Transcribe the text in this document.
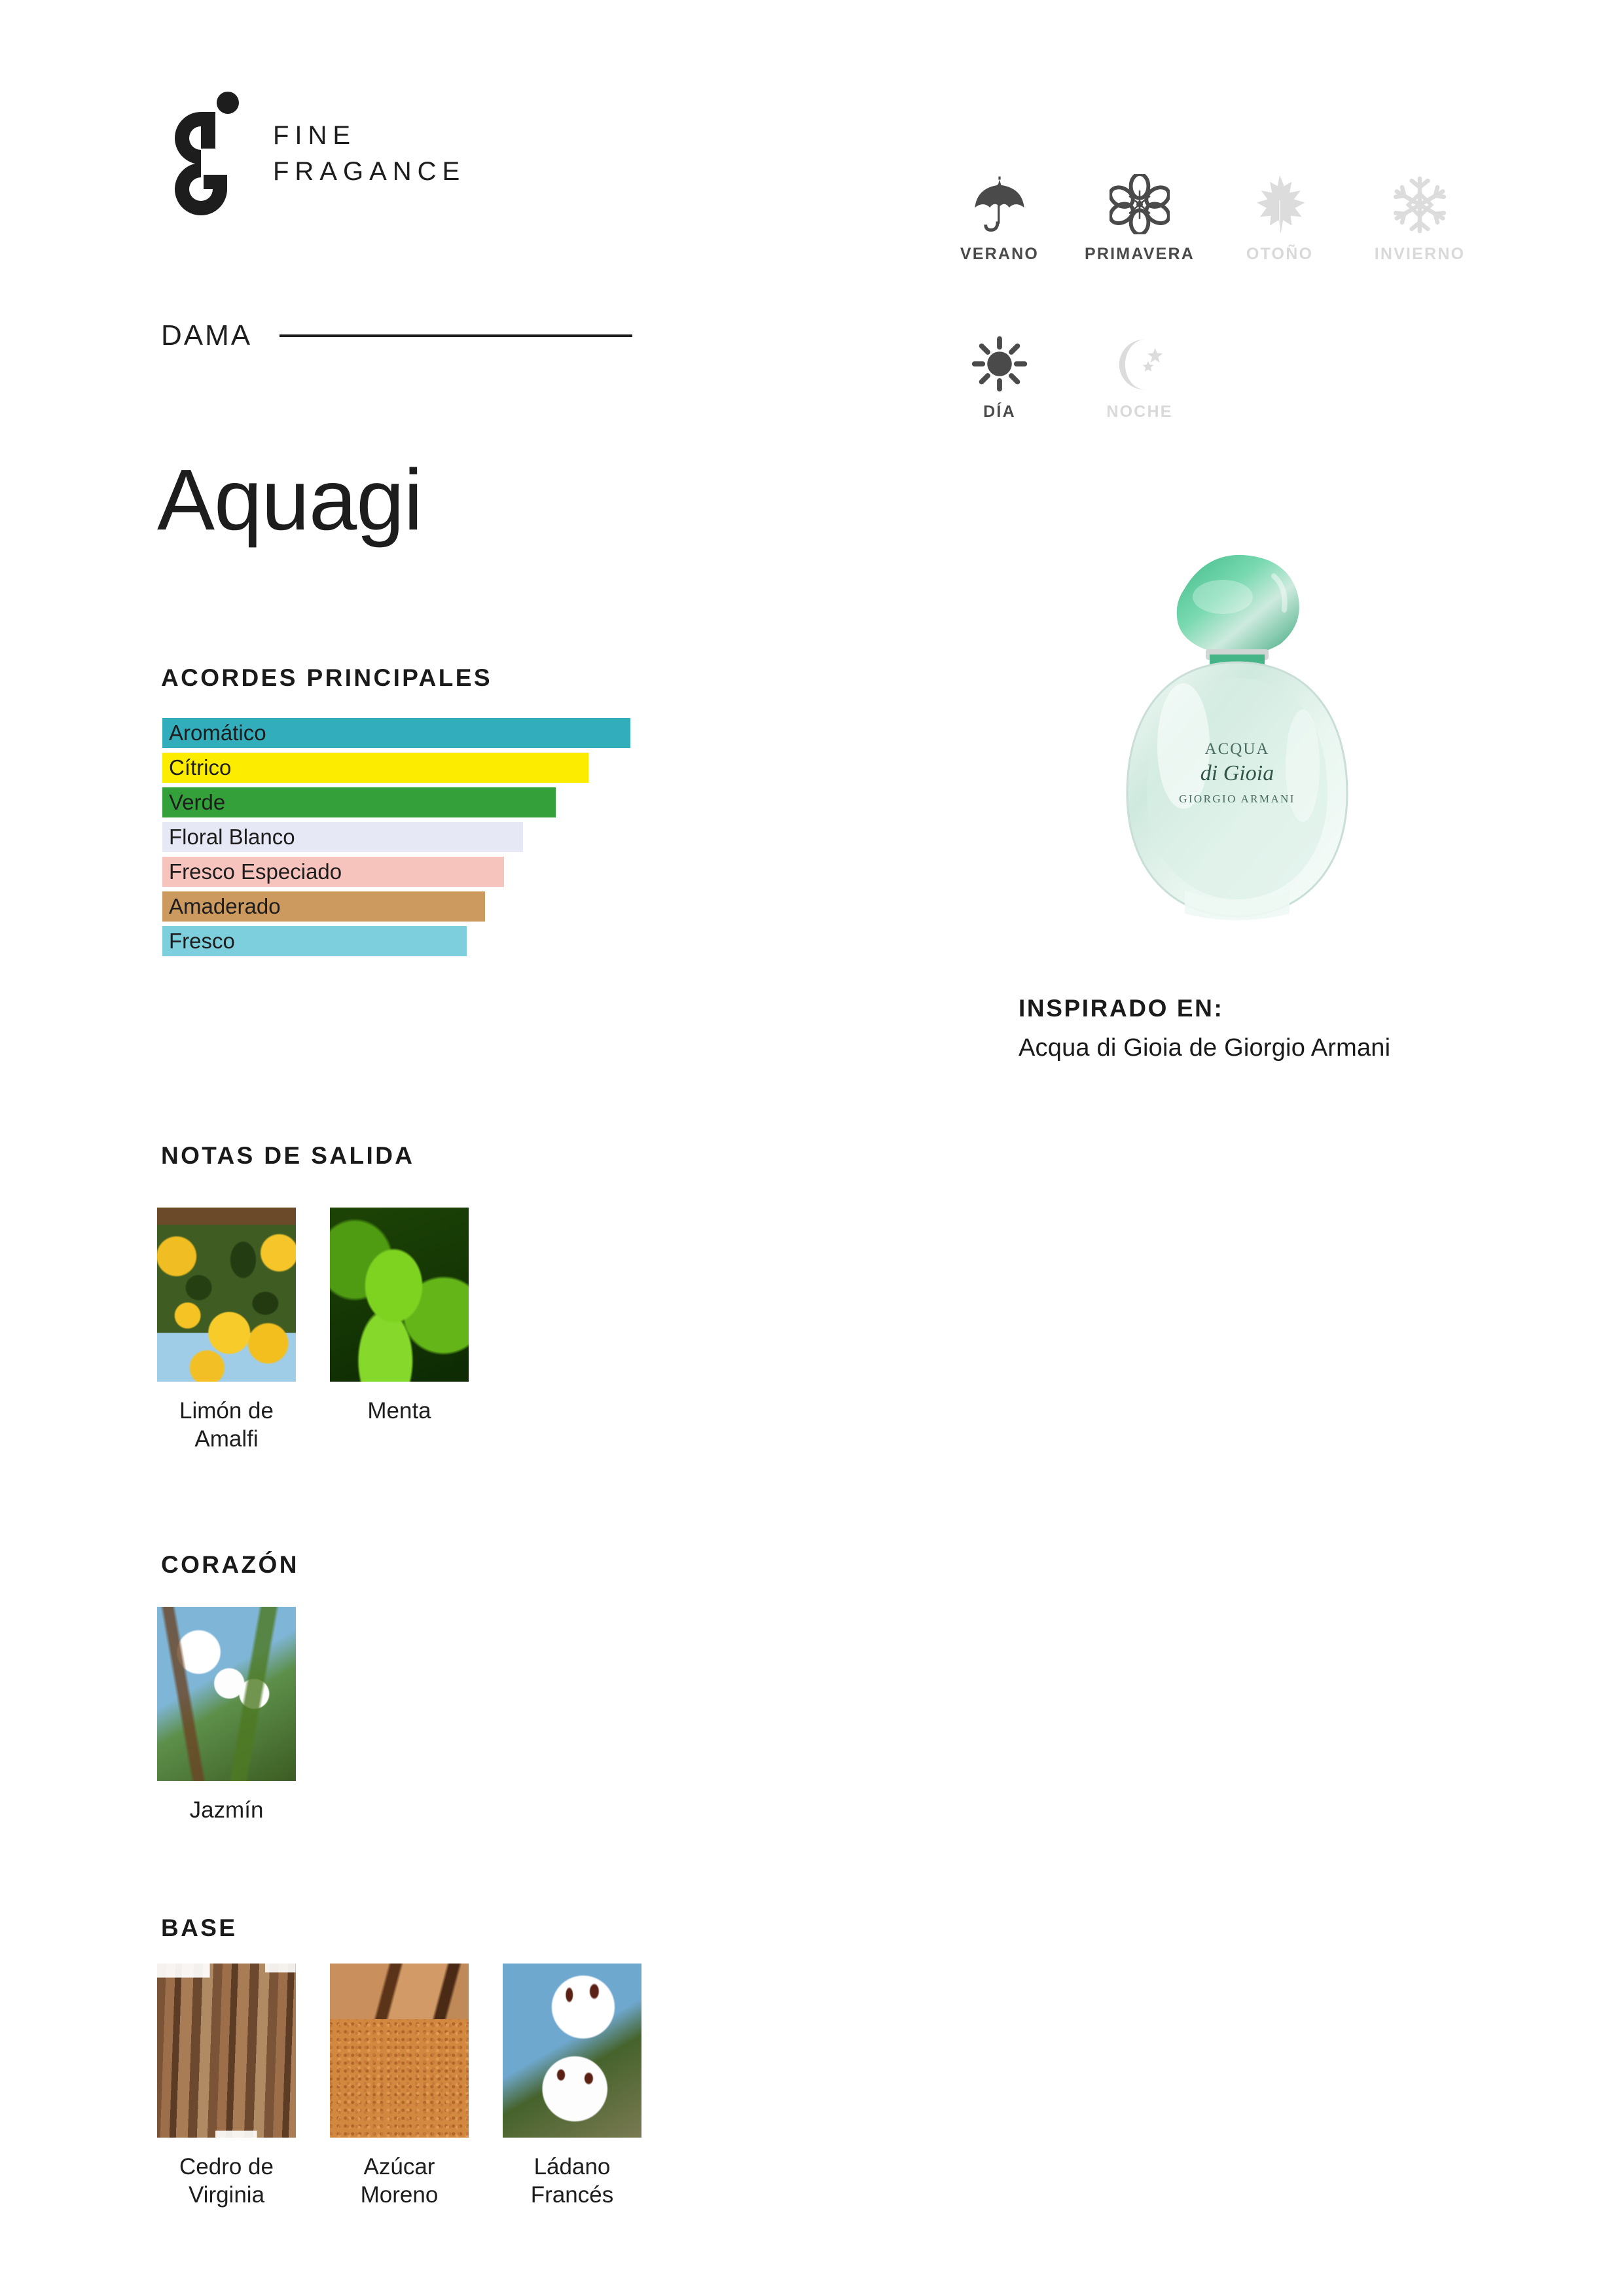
FINE
FRAGANCE
DAMA
VERANO	PRIMAVERA	OTOÑO	INVIERNO
DÍA	NOCHE
Aquagi
ACORDES PRINCIPALES
Aromático
Cítrico
Verde
Floral Blanco
Fresco Especiado
Amaderado
Fresco
ACQUA
di Gioia
GIORGIO ARMANI
INSPIRADO EN:
Acqua di Gioia de Giorgio Armani
NOTAS DE SALIDA
Limón de Amalfi
Menta
CORAZÓN
Jazmín
BASE
Cedro de Virginia
Azúcar Moreno
Ládano Francés
